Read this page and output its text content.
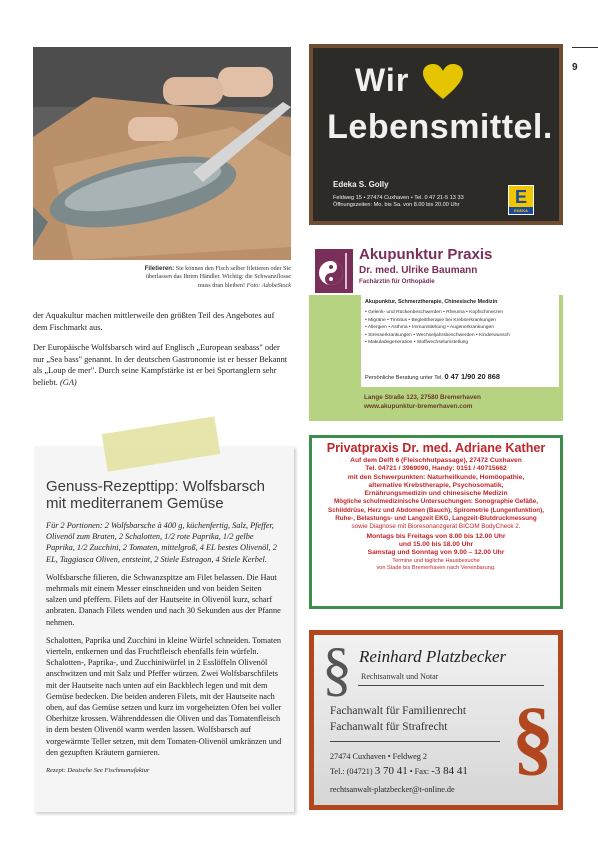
9
Filetieren: Sie können den Fisch selber filetieren oder Sie überlassen das Ihrem Händler. Wichtig: die Schwanzflosse muss dran bleiben! Foto: AdobeStock

der Aquakultur machen mittlerweile den größten Teil des Angebotes auf dem Fischmarkt aus.

Der Europäische Wolfsbarsch wird auf Englisch „European seabass" oder nur „Sea bass" genannt. In der deutschen Gastronomie ist er besser Bekannt als „Loup de mer". Durch seine Kampfstärke ist er bei Sportanglern sehr beliebt. (GA)

Genuss-Rezepttipp: Wolfsbarsch mit mediterranem Gemüse

Für 2 Portionen: 2 Wolfsbarsche à 400 g, küchenfertig, Salz, Pfeffer, Olivenöl zum Braten, 2 Schalotten, 1/2 rote Paprika, 1/2 gelbe Paprika, 1/2 Zucchini, 2 Tomaten, mittelgroß, 4 EL bestes Olivenöl, 2 EL, Taggiasca Oliven, entsteint, 2 Stiele Estragon, 4 Stiele Kerbel.

Wolfsbarsche filieren, die Schwanzspitze am Filet belassen. Die Haut mehrmals mit einem Messer einschneiden und von beiden Seiten salzen und pfeffern. Filets auf der Hautseite in Olivenöl kurz, scharf anbraten. Danach Filets wenden und nach 30 Sekunden aus der Pfanne nehmen.

Schalotten, Paprika und Zucchini in kleine Würfel schneiden. Tomaten vierteln, entkernen und das Fruchtfleisch ebenfalls fein würfeln. Schalotten-, Paprika-, und Zucchiniwürfel in 2 Esslöffeln Olivenöl anschwitzen und mit Salz und Pfeffer würzen. Zwei Wolfsbarschfilets mit der Hautseite nach unten auf ein Backblech legen und mit dem Gemüse bedecken. Die beiden anderen Filets, mit der Hautseite nach oben, auf das Gemüse setzen und kurz im vorgeheizten Ofen bei voller Oberhitze krossen. Währenddessen die Oliven und das Tomatenfleisch in dem besten Olivenöl warm werden lassen. Wolfsbarsch auf vorgewärmte Teller setzen, mit dem Tomaten-Olivenöl umkränzen und den gezupften Kräutern garnieren.

Rezept: Deutsche See Fischmanufaktur

Wir
Lebensmittel.
Edeka S. Golly
Feldweg 15 • 27474 Cuxhaven • Tel. 0 47 21-5 13 33
Öffnungszeiten: Mo. bis Sa. von 8.00 bis 20.00 Uhr	E
EDEKA
Akupunktur Praxis
Dr. med. Ulrike Baumann
Fachärztin für Orthopädie
Akupunktur, Schmerztherapie, Chinesische Medizin
• Gelenk- und Rückenbeschwerden • Rheuma • Kopfschmerzen
• Migräne • Tinnitus • Begleittherapie bei Krebserkrankungen
• Allergien • Asthma • Immunstärkung • Augenerkrankungen
• Stresserkrankungen • Wechseljahrsbeschwerden • Kinderwunsch
• Makuladegeneration • Stoffwechselumstellung
Persönliche Beratung unter Tel. 0 47 1/90 20 868
Lange Straße 123, 27580 Bremerhaven
www.akupunktur-bremerhaven.com
Privatpraxis Dr. med. Adriane Kather
Auf dem Delft 6 (Fleischhutpassage), 27472 Cuxhaven
Tel. 04721 / 3969090, Handy: 0151 / 40715662
mit den Schwerpunkten: Naturheilkunde, Homöopathie,
alternative Krebstherapie, Psychosomatik,
Ernährungsmedizin und chinesische Medizin
Mögliche schulmedizinische Untersuchungen: Sonographie Gefäße,
Schilddrüse, Herz und Abdomen (Bauch), Spirometrie (Lungenfunktion),
Ruhe-, Belastungs- und Langzeit EKG, Langzeit-Blutdruckmessung
sowie Diagnose mit Bioresonanzgerät BICOM BodyCheck 2.
Montags bis Freitags von 8.00 bis 12.00 Uhr
und 15.00 bis 18.00 Uhr
Samstag und Sonntag von 9.00 – 12.00 Uhr
Termine und tägliche Hausbesuche
von Stade bis Bremerhaven nach Vereinbarung.
§
§
Reinhard Platzbecker
Rechtsanwalt und Notar
Fachanwalt für Familienrecht
Fachanwalt für Strafrecht
27474 Cuxhaven • Feldweg 2
Tel.: (04721) 3 70 41 • Fax: -3 84 41
rechtsanwalt-platzbecker@t-online.de
